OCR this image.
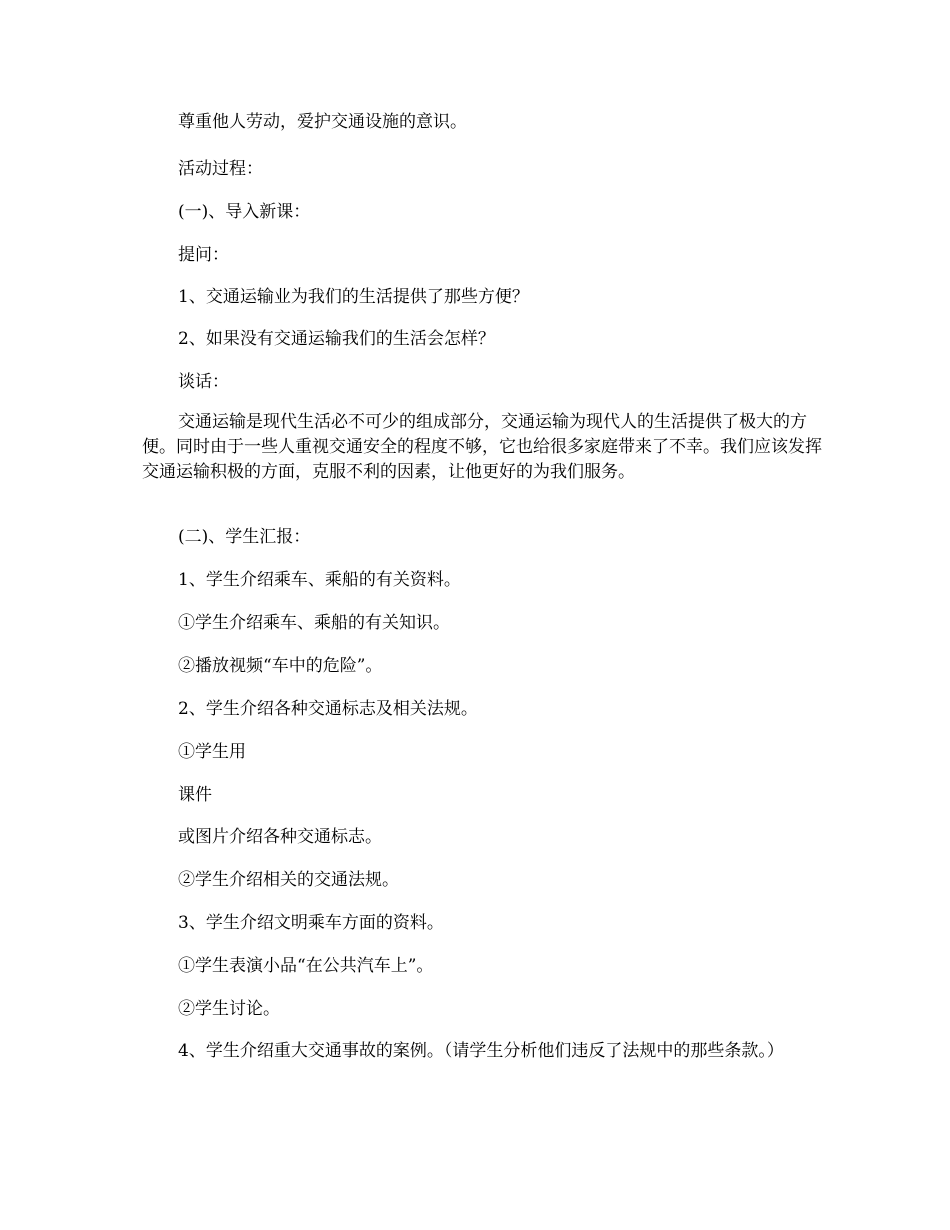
尊重他人劳动，爱护交通设施的意识。

活动过程：

(一)、导入新课：

提问：

1、交通运输业为我们的生活提供了那些方便？

2、如果没有交通运输我们的生活会怎样？

谈话：

交通运输是现代生活必不可少的组成部分，交通运输为现代人的生活提供了极大的方便。同时由于一些人重视交通安全的程度不够，它也给很多家庭带来了不幸。我们应该发挥交通运输积极的方面，克服不利的因素，让他更好的为我们服务。

(二)、学生汇报：

1、学生介绍乘车、乘船的有关资料。

①学生介绍乘车、乘船的有关知识。

②播放视频“车中的危险”。

2、学生介绍各种交通标志及相关法规。

①学生用

课件

或图片介绍各种交通标志。

②学生介绍相关的交通法规。

3、学生介绍文明乘车方面的资料。

①学生表演小品“在公共汽车上”。

②学生讨论。

4、学生介绍重大交通事故的案例。（请学生分析他们违反了法规中的那些条款。）
